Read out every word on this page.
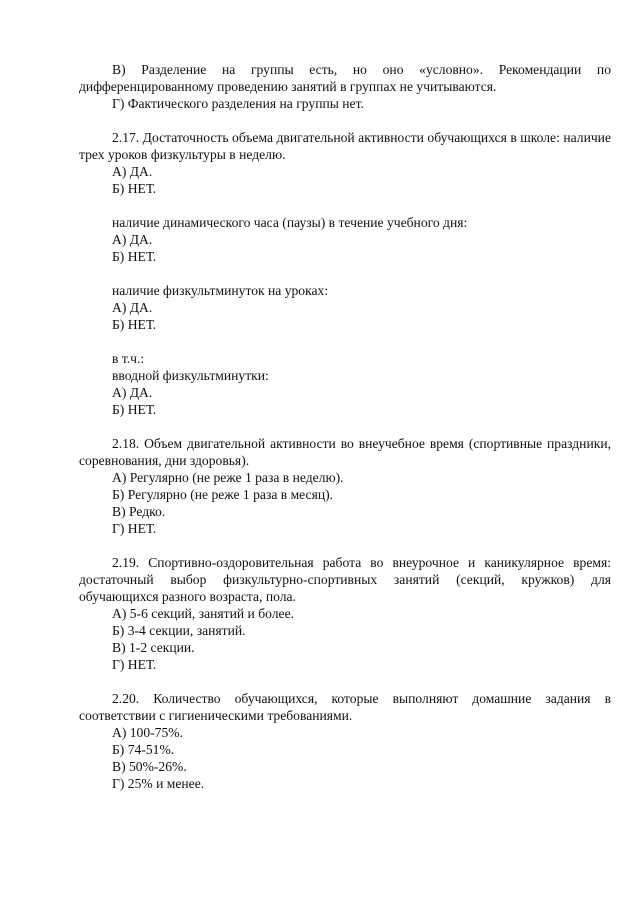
В) Разделение на группы есть, но оно «условно». Рекомендации по дифференцированному проведению занятий в группах не учитываются.

Г) Фактического разделения на группы нет.

2.17. Достаточность объема двигательной активности обучающихся в школе: наличие трех уроков физкультуры в неделю.

А) ДА.

Б) НЕТ.

наличие динамического часа (паузы) в течение учебного дня:

А) ДА.

Б) НЕТ.

наличие физкультминуток на уроках:

А) ДА.

Б) НЕТ.

в т.ч.:

вводной физкультминутки:

А) ДА.

Б) НЕТ.

2.18. Объем двигательной активности во внеучебное время (спортивные праздники, соревнования, дни здоровья).

А) Регулярно (не реже 1 раза в неделю).

Б) Регулярно (не реже 1 раза в месяц).

В) Редко.

Г) НЕТ.

2.19. Спортивно-оздоровительная работа во внеурочное и каникулярное время: достаточный выбор физкультурно-спортивных занятий (секций, кружков) для обучающихся разного возраста, пола.

А) 5-6 секций, занятий и более.

Б) 3-4 секции, занятий.

В) 1-2 секции.

Г) НЕТ.

2.20. Количество обучающихся, которые выполняют домашние задания в соответствии с гигиеническими требованиями.

А) 100-75%.

Б) 74-51%.

В) 50%-26%.

Г) 25% и менее.
